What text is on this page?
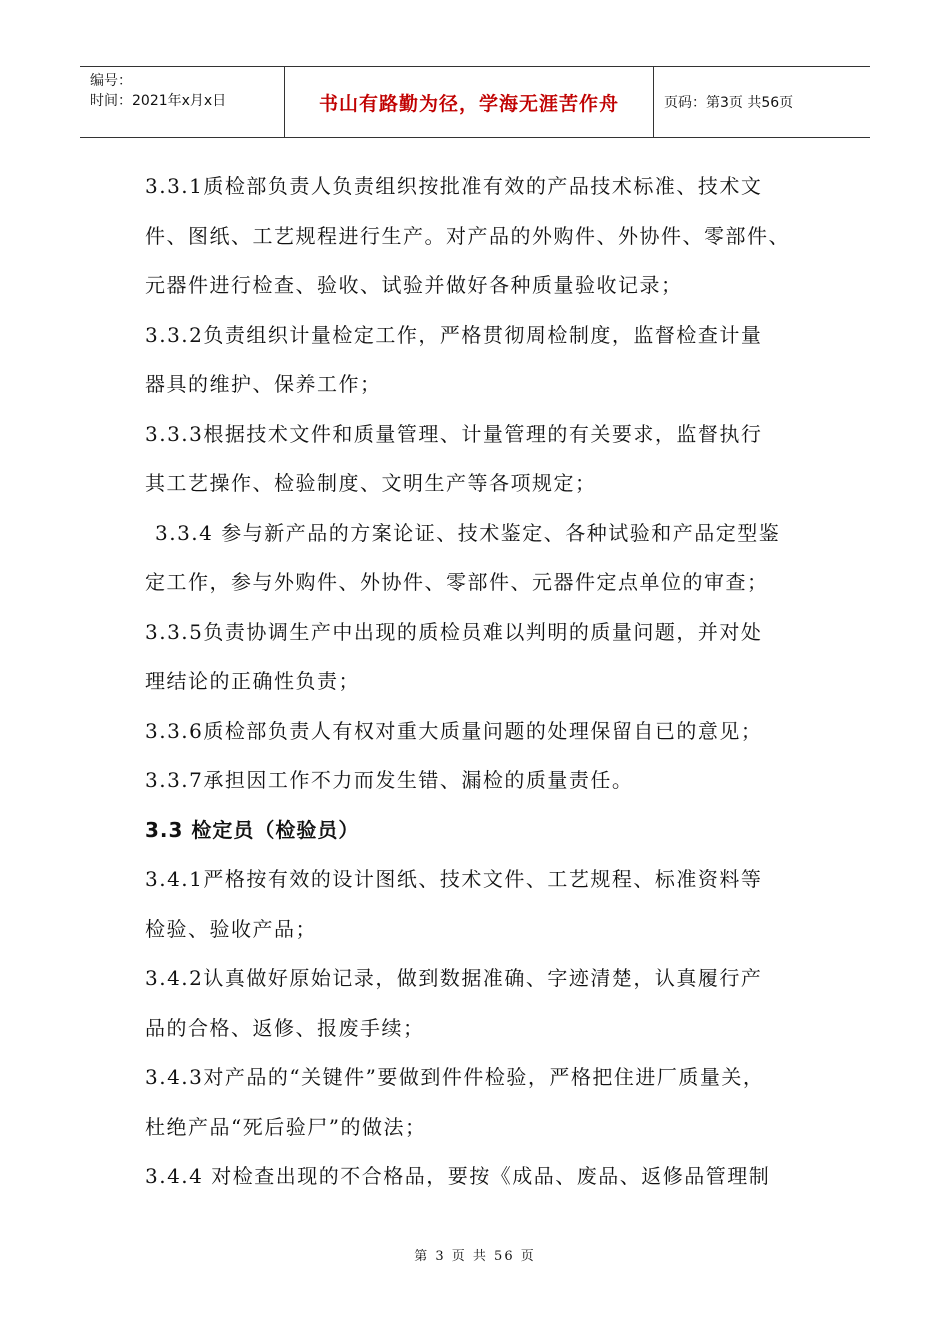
编号：
时间：2021年x月x日	书山有路勤为径，学海无涯苦作舟	页码：第3页 共56页
3.3.1质检部负责人负责组织按批准有效的产品技术标准、技术文
件、图纸、工艺规程进行生产。对产品的外购件、外协件、零部件、
元器件进行检查、验收、试验并做好各种质量验收记录；
3.3.2负责组织计量检定工作，严格贯彻周检制度，监督检查计量
器具的维护、保养工作；
3.3.3根据技术文件和质量管理、计量管理的有关要求，监督执行
其工艺操作、检验制度、文明生产等各项规定；
3.3.4 参与新产品的方案论证、技术鉴定、各种试验和产品定型鉴
定工作，参与外购件、外协件、零部件、元器件定点单位的审查；
3.3.5负责协调生产中出现的质检员难以判明的质量问题，并对处
理结论的正确性负责；
3.3.6质检部负责人有权对重大质量问题的处理保留自已的意见；
3.3.7承担因工作不力而发生错、漏检的质量责任。
3.3 检定员（检验员）
3.4.1严格按有效的设计图纸、技术文件、工艺规程、标准资料等
检验、验收产品；
3.4.2认真做好原始记录，做到数据准确、字迹清楚，认真履行产
品的合格、返修、报废手续；
3.4.3对产品的“关键件”要做到件件检验，严格把住进厂质量关，
杜绝产品“死后验尸”的做法；
3.4.4 对检查出现的不合格品，要按《成品、废品、返修品管理制
第 3 页 共 56 页
